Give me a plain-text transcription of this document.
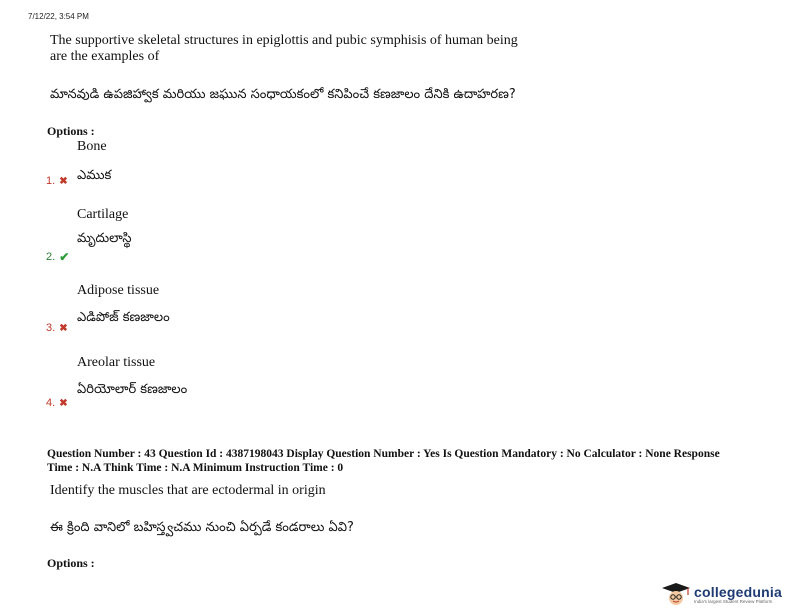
7/12/22, 3:54 PM
The supportive skeletal structures in epiglottis and pubic symphisis of human being
are the examples of
మానవుడి ఉపజిహ్వాక మరియు జఘున సంధాయకంలో కనిపించే కణజాలం దేనికి ఉదాహరణ?
Options :
Bone
1. ✖ ఎముక
Cartilage
మృదులాస్థి
2. ✔
Adipose tissue
ఎడిపోజ్ కణజాలం
3. ✖
Areolar tissue
ఏరియోలార్ కణజాలం
4. ✖
Question Number : 43 Question Id : 4387198043 Display Question Number : Yes Is Question Mandatory : No Calculator : None Response
Time : N.A Think Time : N.A Minimum Instruction Time : 0
Identify the muscles that are ectodermal in origin
ఈ క్రింది వానిలో బహిస్త్వచము నుంచి ఏర్పడే కండరాలు ఏవి?
Options :
collegedunia
India's largest Student Review Platform
